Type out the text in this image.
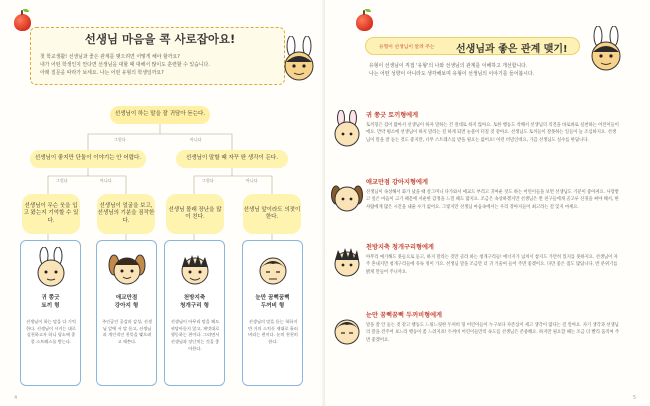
선생님 마음을 콕 사로잡아요!
첫 학교생활! 선생님과 좋은 관계를 맺으려면 어떻게 해야 할까요?
내가 어떤 학생인지 안다면 선생님을 대할 때 대해서 많이도 훈련할 수 있습니다.
아래 질문을 따라가 보세요. 나는 어떤 유형의 학생일까요?
선생님이 하는 말을 잘 귀담아 듣는다.
그렇다	아니다
선생님이 좋지만 단둘이 이야기는 안 어렵다.	선생님이 말할 때 자꾸 딴 생각이 든다.
그렇다	아니다	그렇다	아니다
선생님이 무슨 웃을 입고 왔는지 기억할 수 있다.
선생님이 얼굴을 보고, 선생님의 기분을 짐작한다.
선생님 몰래 장난을 많이 친다.
선생님 앞이라도 의젓이 한다.
귀 쫑긋
토끼 형
선생님이 하는 말을 다 기억한다. 선생님이 시키는 대로 실천하고자 하니 평소에 종종 스트레스를 받는다.
애교만점
강아지 형
주인공인 공감과 감성, 선생님 앞에 서 말 듣고, 선생님과 개인적인 친목을 맺으려고 애쓴다.
천방지축
청개구리 형
선생님이 아무리 말을 해도 귀담아듣지 않고, 제멋대로 행동하는 편이다. 그러면서 선생님과 장난치는 것을 좋아한다.
눈만 꿈뻑꿈뻑
두꺼비 형
선생님의 말을 듣는 척하지만 거의 스치듯 제대로 흘러버리는 편이다. 눈치 천천히 한다.
4
유형이 선생님이 알려 주는 선생님과 좋은 관계 맺기!
유형이 선생님이 직접 '유형'의 나와 선생님의 관계를 이해하고 개선합니다.
나는 어떤 성향이 아니라도 생각해보며 유형이 선생님의 이야기를 들어봅시다.
5
귀 쫑긋 토끼형에게
토끼형은 겁이 많아서 선생님이 하자 말하는 건 절대로 하지 않아요. 토한 행동도 착해서 선생님의 의견을 바로바로 실천하는 어린이들이에요. 만약 평소에 선생님이 하지 말라는 걸 하게 되면 눈물이 터질 것 같아요. 선생님도 토끼들이 잘못하는 일들이 늘 조심하지요. 선생님이 말을 잘 듣는 것도 좋지만, 너무 스트레스를 받을 필요는 없어요! 이런 비밀인데요, 가끔 선생님도 실수를 한답니다.
애교만점 강아지형에게
선생님이 속상해서 화가 났을 때 살그머니 다가와서 애교도 부리고 귀여운 짓도 하는 어린이들을 보면 선생님도 기분이 좋아져요. 사랑받고 싶은 마음이 크기 때문에 서운한 감정을 느낄 때도 많지요. 조금은 속상하겠지만 선생님은 반 친구들에게 골고루 신경을 써야 해서, 한 사람에게 많은 시간을 내줄 수가 없어요. 그렇지만 선생님 마음속에서는 우리 강아지들이 최고라는 걸 잊지 마세요.
천방지축 청개구리형에게
아무리 얘기해도 못들으로 듣고, 하지 말라는 것만 골라 하는 청개구리들! 에너지가 넘쳐서 참지도 가만히 있지를 못하지요. 선생님이 자주 혼내지만 청개구리들에 유독 정이 가요. 선생님 말을 조금만 더 귀 기울여 들어 주면 좋겠어요. 다만 좋은 점도 많답니다. 반 분위기를 밝게 만들어 주니까요.
눈만 꿈뻑꿈뻑 두꺼비형에게
말을 잘 안 듣는 것 같고 행동도 느릿느릿한 두꺼비 형 어린이들이 누구보다 자존심이 세고 생각이 많다는 걸 알아요. 자기 생각과 선생님의 말을 견주어 보느라 행동이 좀 느려지죠! 두꺼비 어린이들만의 속도를 선생님은 존중해요. 하지만 필요할 때는 조금 더 빨리 움직여 주면 좋겠어요.
